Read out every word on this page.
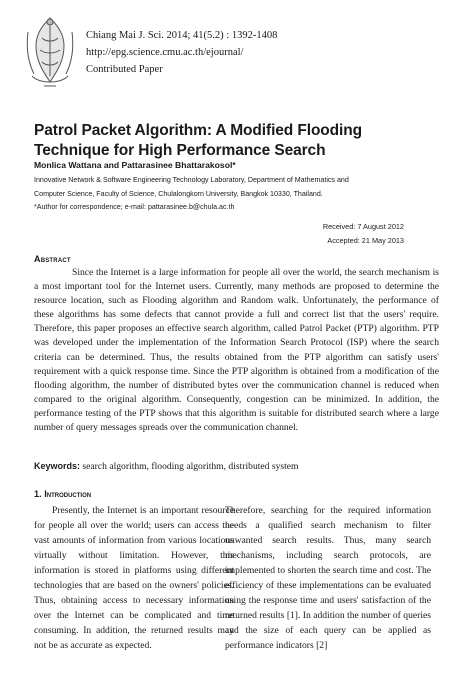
Chiang Mai J. Sci. 2014; 41(5.2) : 1392-1408
http://epg.science.cmu.ac.th/ejournal/
Contributed Paper
Patrol Packet Algorithm: A Modified Flooding
Technique for High Performance Search
Monlica Wattana and Pattarasinee Bhattarakosol*
Innovative Network & Software Engineering Technology Laboratory, Department of Mathematics and
Computer Science, Faculty of Science, Chulalongkorn University, Bangkok 10330, Thailand.
*Author for correspondence; e-mail: pattarasinee.b@chula.ac.th
Received: 7 August 2012
Accepted: 21 May 2013
Abstract
Since the Internet is a large information for people all over the world, the search mechanism is a most important tool for the Internet users. Currently, many methods are proposed to determine the resource location, such as Flooding algorithm and Random walk. Unfortunately, the performance of these algorithms has some defects that cannot provide a full and correct list that the users' require. Therefore, this paper proposes an effective search algorithm, called Patrol Packet (PTP) algorithm. PTP was developed under the implementation of the Information Search Protocol (ISP) where the search criteria can be determined. Thus, the results obtained from the PTP algorithm can satisfy users' requirement with a quick response time. Since the PTP algorithm is obtained from a modification of the flooding algorithm, the number of distributed bytes over the communication channel is reduced when compared to the original algorithm. Consequently, congestion can be minimized. In addition, the performance testing of the PTP shows that this algorithm is suitable for distributed search where a large number of query messages spreads over the communication channel.
Keywords: search algorithm, flooding algorithm, distributed system
1. Introduction

Presently, the Internet is an important resource for people all over the world; users can access the vast amounts of information from various locations virtually without limitation. However, this information is stored in platforms using different technologies that are based on the owners' policies. Thus, obtaining access to necessary information over the Internet can be complicated and time consuming. In addition, the returned results may not be as accurate as expected.

Therefore, searching for the required information needs a qualified search mechanism to filter unwanted search results. Thus, many search mechanisms, including search protocols, are implemented to shorten the search time and cost. The efficiency of these implementations can be evaluated using the response time and users' satisfaction of the returned results [1]. In addition the number of queries and the size of each query can be applied as performance indicators [2]
